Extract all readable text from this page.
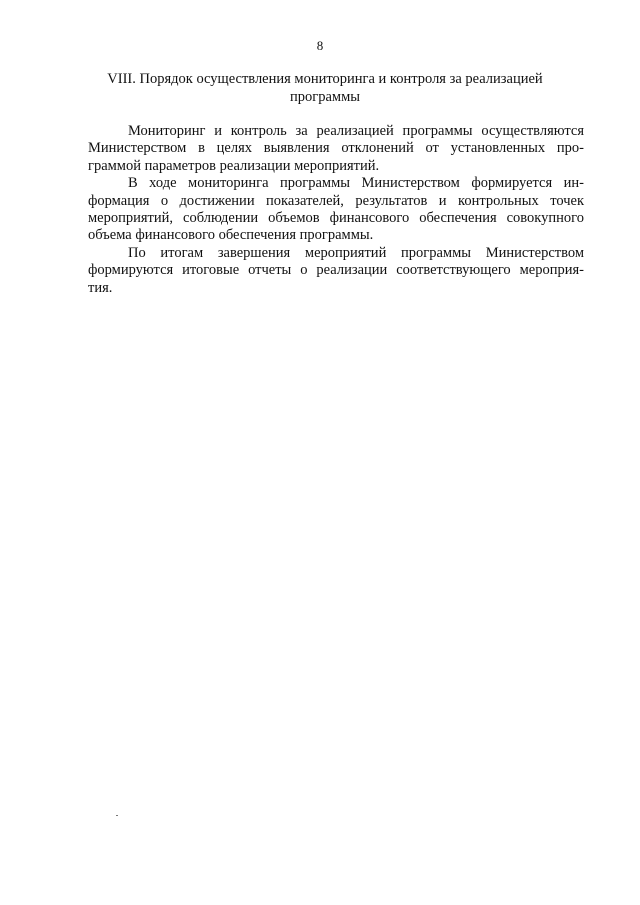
8
VIII. Порядок осуществления мониторинга и контроля за реализацией
программы

Мониторинг и контроль за реализацией программы осуществляются
Министерством в целях выявления отклонений от установленных про-
граммой параметров реализации мероприятий.

В ходе мониторинга программы Министерством формируется ин-
формация о достижении показателей, результатов и контрольных точек
мероприятий, соблюдении объемов финансового обеспечения совокупного
объема финансового обеспечения программы.

По итогам завершения мероприятий программы Министерством
формируются итоговые отчеты о реализации соответствующего мероприя-
тия.
